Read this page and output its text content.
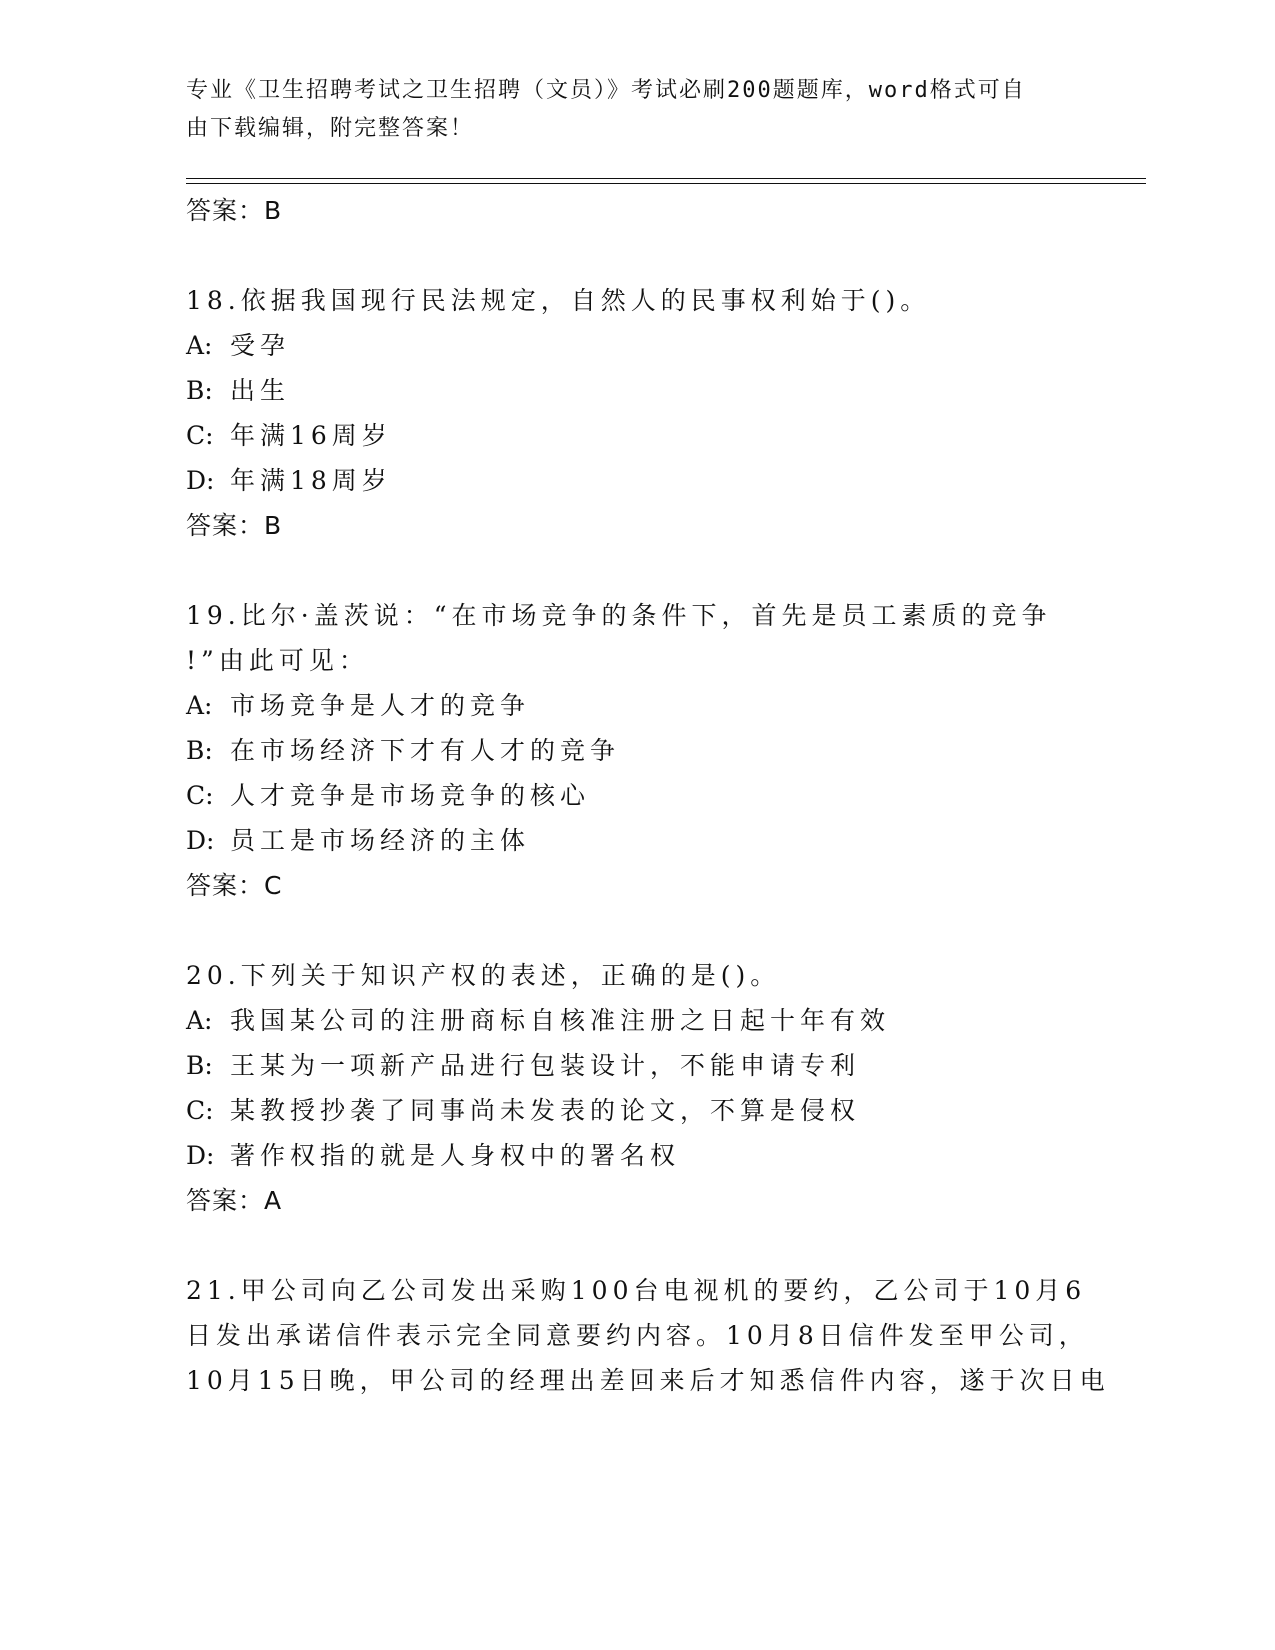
专业《卫生招聘考试之卫生招聘（文员）》考试必刷200题题库，word格式可自
由下载编辑，附完整答案！
答案：B
18.依据我国现行民法规定，自然人的民事权利始于()。
A: 受孕
B: 出生
C: 年满16周岁
D: 年满18周岁
答案：B
19.比尔·盖茨说：“在市场竞争的条件下，首先是员工素质的竞争
!”由此可见：
A: 市场竞争是人才的竞争
B: 在市场经济下才有人才的竞争
C: 人才竞争是市场竞争的核心
D: 员工是市场经济的主体
答案：C
20.下列关于知识产权的表述，正确的是()。
A: 我国某公司的注册商标自核准注册之日起十年有效
B: 王某为一项新产品进行包装设计，不能申请专利
C: 某教授抄袭了同事尚未发表的论文，不算是侵权
D: 著作权指的就是人身权中的署名权
答案：A
21.甲公司向乙公司发出采购100台电视机的要约，乙公司于10月6
日发出承诺信件表示完全同意要约内容。10月8日信件发至甲公司，
10月15日晚，甲公司的经理出差回来后才知悉信件内容，遂于次日电
